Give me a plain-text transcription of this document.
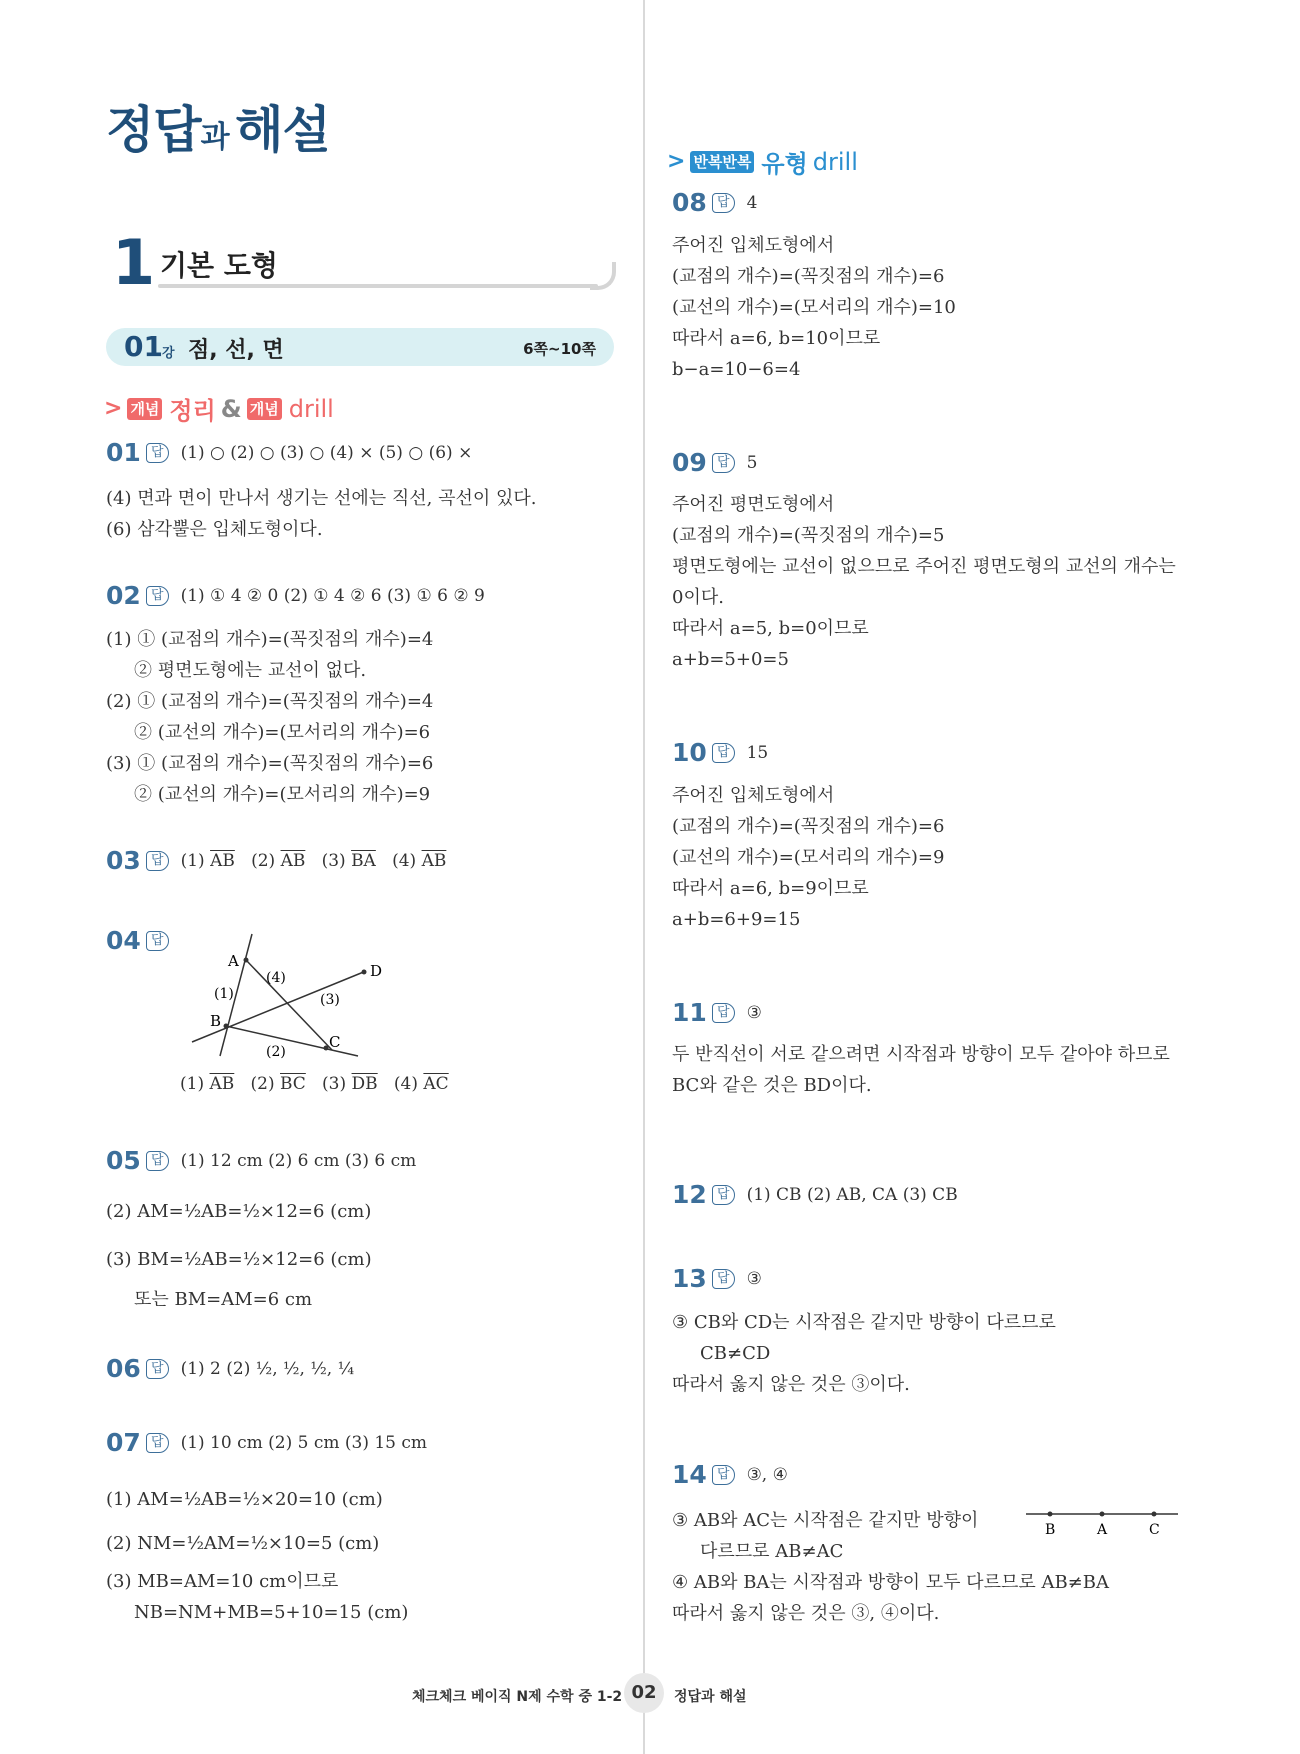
정답과 해설
1 기본 도형
01 강 점, 선, 면	6쪽~10쪽
> 개념 정리 & 개념 drill
01 답 (1) ○ (2) ○ (3) ○ (4) × (5) ○ (6) ×
(4) 면과 면이 만나서 생기는 선에는 직선, 곡선이 있다.
(6) 삼각뿔은 입체도형이다.
02 답 (1) ① 4 ② 0 (2) ① 4 ② 6 (3) ① 6 ② 9
(1) ① (교점의 개수)=(꼭짓점의 개수)=4
② 평면도형에는 교선이 없다.
(2) ① (교점의 개수)=(꼭짓점의 개수)=4
② (교선의 개수)=(모서리의 개수)=6
(3) ① (교점의 개수)=(꼭짓점의 개수)=6
② (교선의 개수)=(모서리의 개수)=9
03 답 (1) $\overline{AB}$ (2) $\overline{AB}$ (3) $\overline{BA}$ (4) $\overline{AB}$
04 답
A
B
C
D
(1)
(2)
(3)
(4)
(1) $\overline{AB}$ (2) $\overline{BC}$ (3) $\overline{DB}$ (4) $\overline{AC}$
05 답 (1) 12 cm (2) 6 cm (3) 6 cm
(2) AM=½AB=½×12=6 (cm)
(3) BM=½AB=½×12=6 (cm)
또는 BM=AM=6 cm
06 답 (1) 2 (2) ½, ½, ½, ¼
07 답 (1) 10 cm (2) 5 cm (3) 15 cm
(1) AM=½AB=½×20=10 (cm)
(2) NM=½AM=½×10=5 (cm)
(3) MB=AM=10 cm이므로
NB=NM+MB=5+10=15 (cm)
> 반복반복 유형 drill
08 답 4
주어진 입체도형에서
(교점의 개수)=(꼭짓점의 개수)=6
(교선의 개수)=(모서리의 개수)=10
따라서 a=6, b=10이므로
b−a=10−6=4
09 답 5
주어진 평면도형에서
(교점의 개수)=(꼭짓점의 개수)=5
평면도형에는 교선이 없으므로 주어진 평면도형의 교선의 개수는
0이다.
따라서 a=5, b=0이므로
a+b=5+0=5
10 답 15
주어진 입체도형에서
(교점의 개수)=(꼭짓점의 개수)=6
(교선의 개수)=(모서리의 개수)=9
따라서 a=6, b=9이므로
a+b=6+9=15
11 답 ③
두 반직선이 서로 같으려면 시작점과 방향이 모두 같아야 하므로
BC와 같은 것은 BD이다.
12 답 (1) CB (2) AB, CA (3) CB
13 답 ③
③ CB와 CD는 시작점은 같지만 방향이 다르므로
CB≠CD
따라서 옳지 않은 것은 ③이다.
14 답 ③, ④
③ AB와 AC는 시작점은 같지만 방향이
다르므로 AB≠AC
④ AB와 BA는 시작점과 방향이 모두 다르므로 AB≠BA
따라서 옳지 않은 것은 ③, ④이다.
B	A	C
체크체크 베이직 N제 수학 중 1-2 02	정답과 해설
